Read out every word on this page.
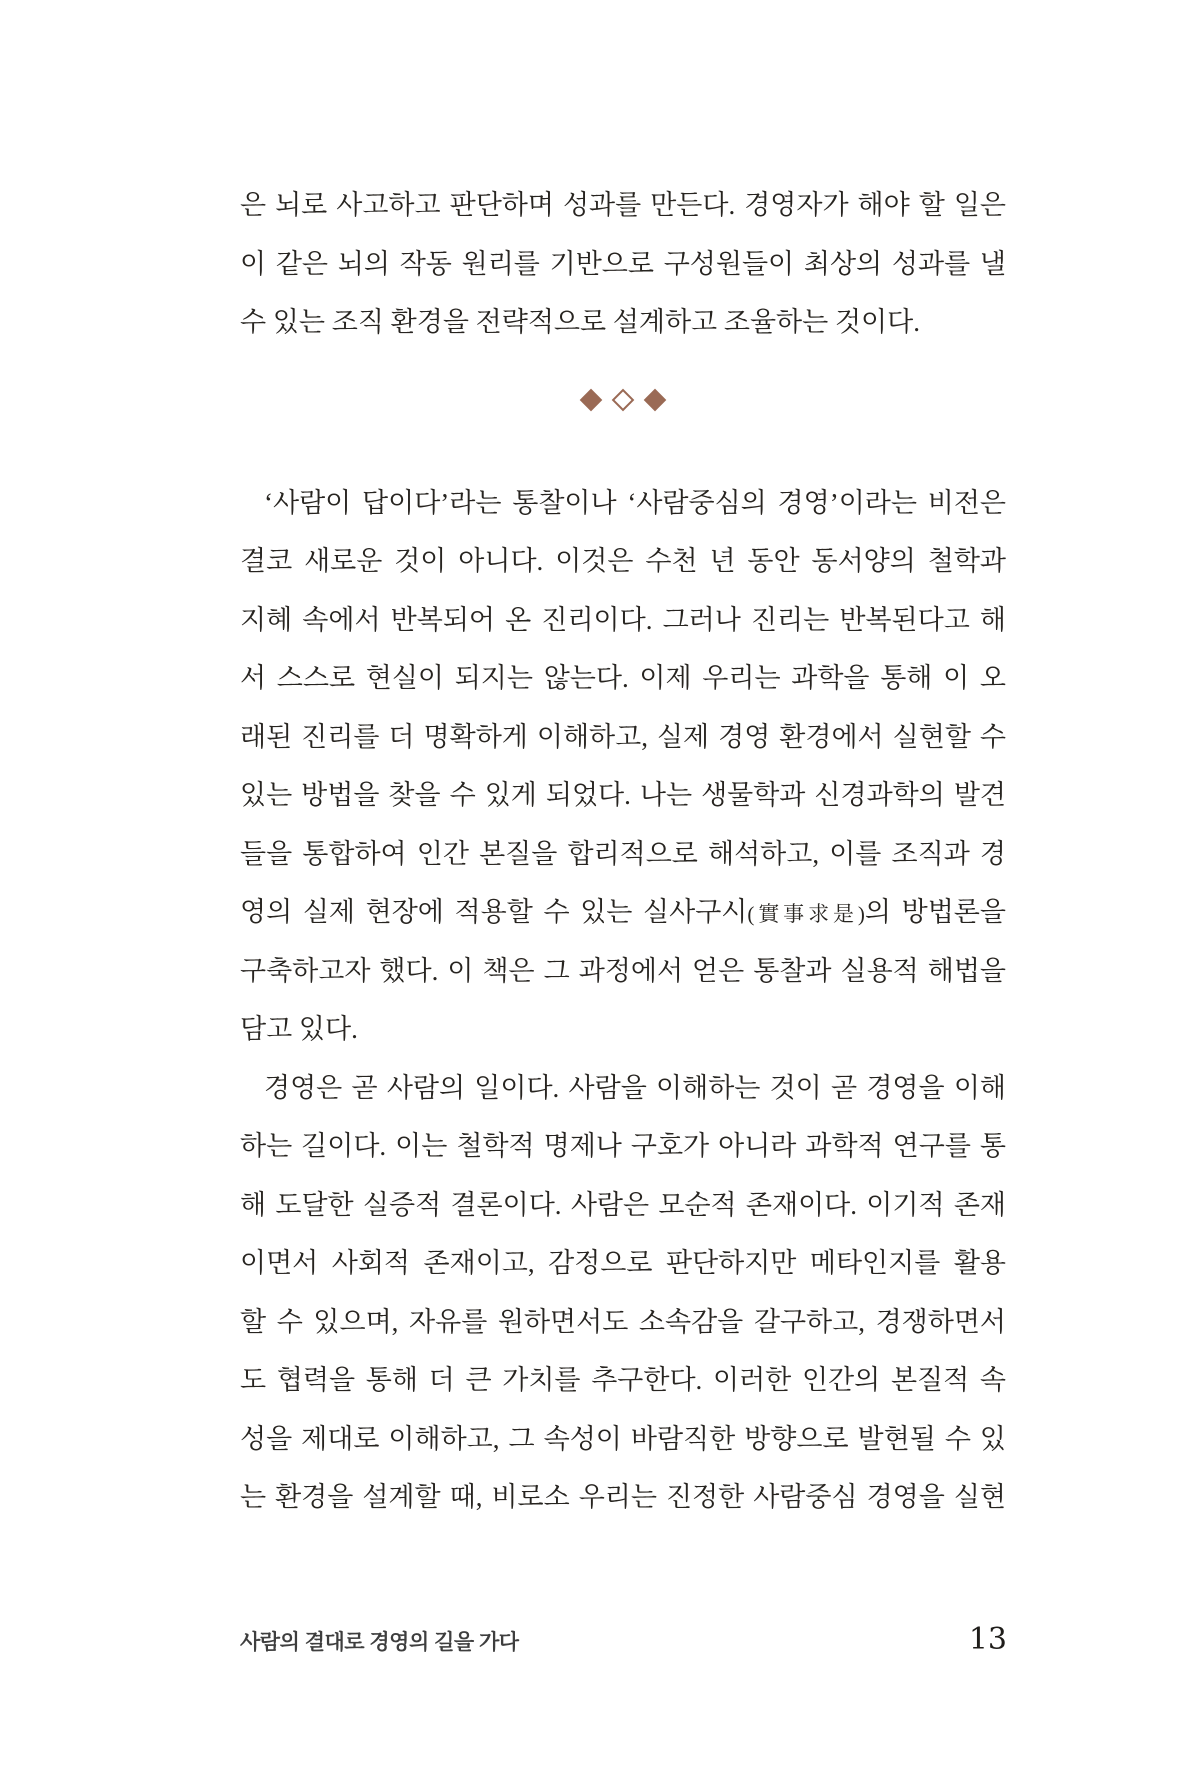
은 뇌로 사고하고 판단하며 성과를 만든다. 경영자가 해야 할 일은
이 같은 뇌의 작동 원리를 기반으로 구성원들이 최상의 성과를 낼
수 있는 조직 환경을 전략적으로 설계하고 조율하는 것이다.
‘사람이 답이다’라는 통찰이나 ‘사람중심의 경영’이라는 비전은
결코 새로운 것이 아니다. 이것은 수천 년 동안 동서양의 철학과
지혜 속에서 반복되어 온 진리이다. 그러나 진리는 반복된다고 해
서 스스로 현실이 되지는 않는다. 이제 우리는 과학을 통해 이 오
래된 진리를 더 명확하게 이해하고, 실제 경영 환경에서 실현할 수
있는 방법을 찾을 수 있게 되었다. 나는 생물학과 신경과학의 발견
들을 통합하여 인간 본질을 합리적으로 해석하고, 이를 조직과 경
영의 실제 현장에 적용할 수 있는 실사구시(實事求是)의 방법론을
구축하고자 했다. 이 책은 그 과정에서 얻은 통찰과 실용적 해법을
담고 있다.
경영은 곧 사람의 일이다. 사람을 이해하는 것이 곧 경영을 이해
하는 길이다. 이는 철학적 명제나 구호가 아니라 과학적 연구를 통
해 도달한 실증적 결론이다. 사람은 모순적 존재이다. 이기적 존재
이면서 사회적 존재이고, 감정으로 판단하지만 메타인지를 활용
할 수 있으며, 자유를 원하면서도 소속감을 갈구하고, 경쟁하면서
도 협력을 통해 더 큰 가치를 추구한다. 이러한 인간의 본질적 속
성을 제대로 이해하고, 그 속성이 바람직한 방향으로 발현될 수 있
는 환경을 설계할 때, 비로소 우리는 진정한 사람중심 경영을 실현
사람의 결대로 경영의 길을 가다	13
